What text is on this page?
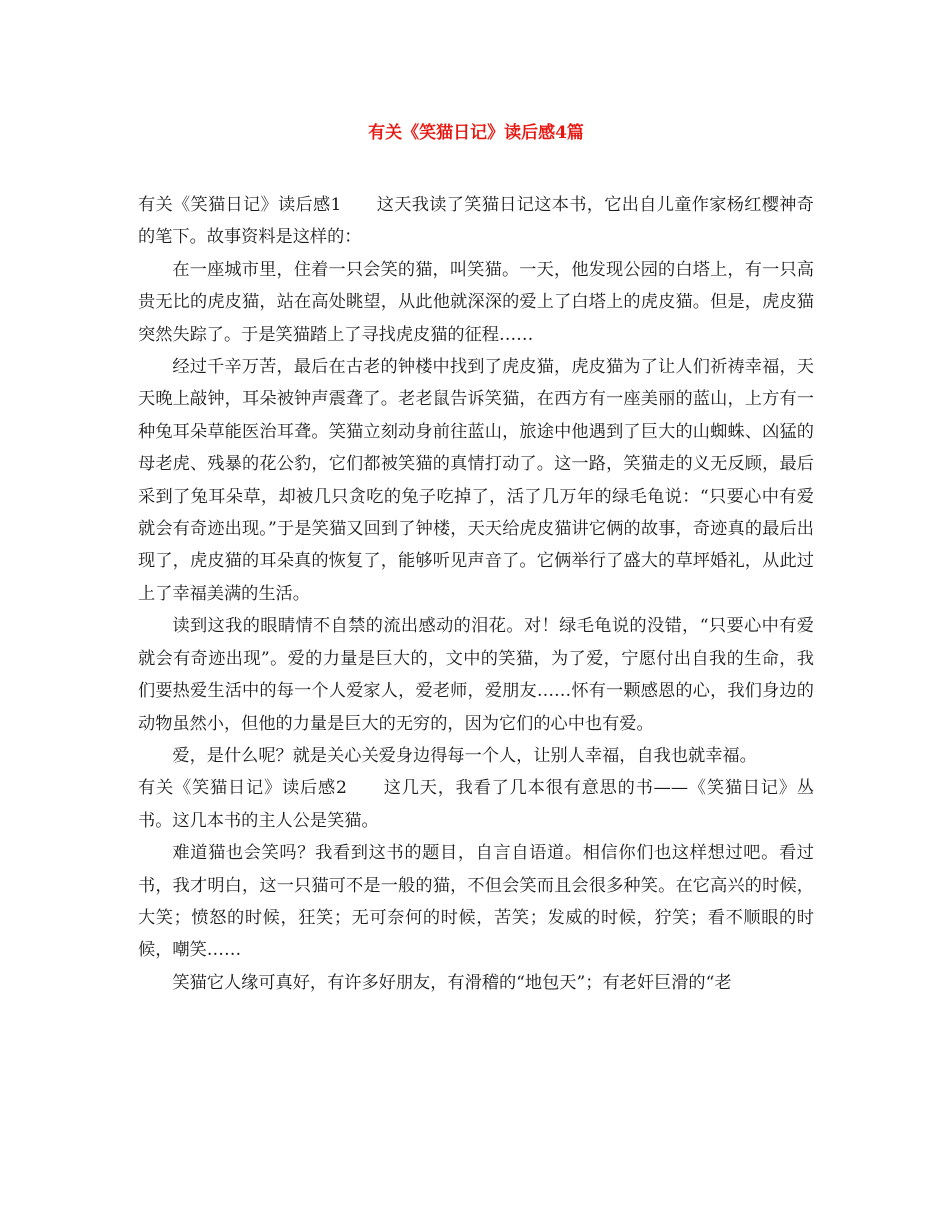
有关《笑猫日记》读后感4篇

有关《笑猫日记》读后感1　　 这天我读了笑猫日记这本书，它出自儿童作家杨红樱神奇的笔下。故事资料是这样的：

在一座城市里，住着一只会笑的猫，叫笑猫。一天，他发现公园的白塔上，有一只高贵无比的虎皮猫，站在高处眺望，从此他就深深的爱上了白塔上的虎皮猫。但是，虎皮猫突然失踪了。于是笑猫踏上了寻找虎皮猫的征程……

经过千辛万苦，最后在古老的钟楼中找到了虎皮猫，虎皮猫为了让人们祈祷幸福，天天晚上敲钟，耳朵被钟声震聋了。老老鼠告诉笑猫，在西方有一座美丽的蓝山，上方有一种兔耳朵草能医治耳聋。笑猫立刻动身前往蓝山，旅途中他遇到了巨大的山蜘蛛、凶猛的母老虎、残暴的花公豹，它们都被笑猫的真情打动了。这一路，笑猫走的义无反顾，最后采到了兔耳朵草，却被几只贪吃的兔子吃掉了，活了几万年的绿毛龟说：“只要心中有爱就会有奇迹出现。”于是笑猫又回到了钟楼，天天给虎皮猫讲它俩的故事，奇迹真的最后出现了，虎皮猫的耳朵真的恢复了，能够听见声音了。它俩举行了盛大的草坪婚礼，从此过上了幸福美满的生活。

读到这我的眼睛情不自禁的流出感动的泪花。对！绿毛龟说的没错，“只要心中有爱就会有奇迹出现”。爱的力量是巨大的，文中的笑猫，为了爱，宁愿付出自我的生命，我们要热爱生活中的每一个人爱家人，爱老师，爱朋友……怀有一颗感恩的心，我们身边的动物虽然小，但他的力量是巨大的无穷的，因为它们的心中也有爱。

爱，是什么呢？就是关心关爱身边得每一个人，让别人幸福，自我也就幸福。

有关《笑猫日记》读后感2　　 这几天，我看了几本很有意思的书——《笑猫日记》丛书。这几本书的主人公是笑猫。

难道猫也会笑吗？我看到这书的题目，自言自语道。相信你们也这样想过吧。看过书，我才明白，这一只猫可不是一般的猫，不但会笑而且会很多种笑。在它高兴的时候，大笑；愤怒的时候，狂笑；无可奈何的时候，苦笑；发威的时候，狞笑；看不顺眼的时候，嘲笑……

笑猫它人缘可真好，有许多好朋友，有滑稽的“地包天”；有老奸巨滑的“老
